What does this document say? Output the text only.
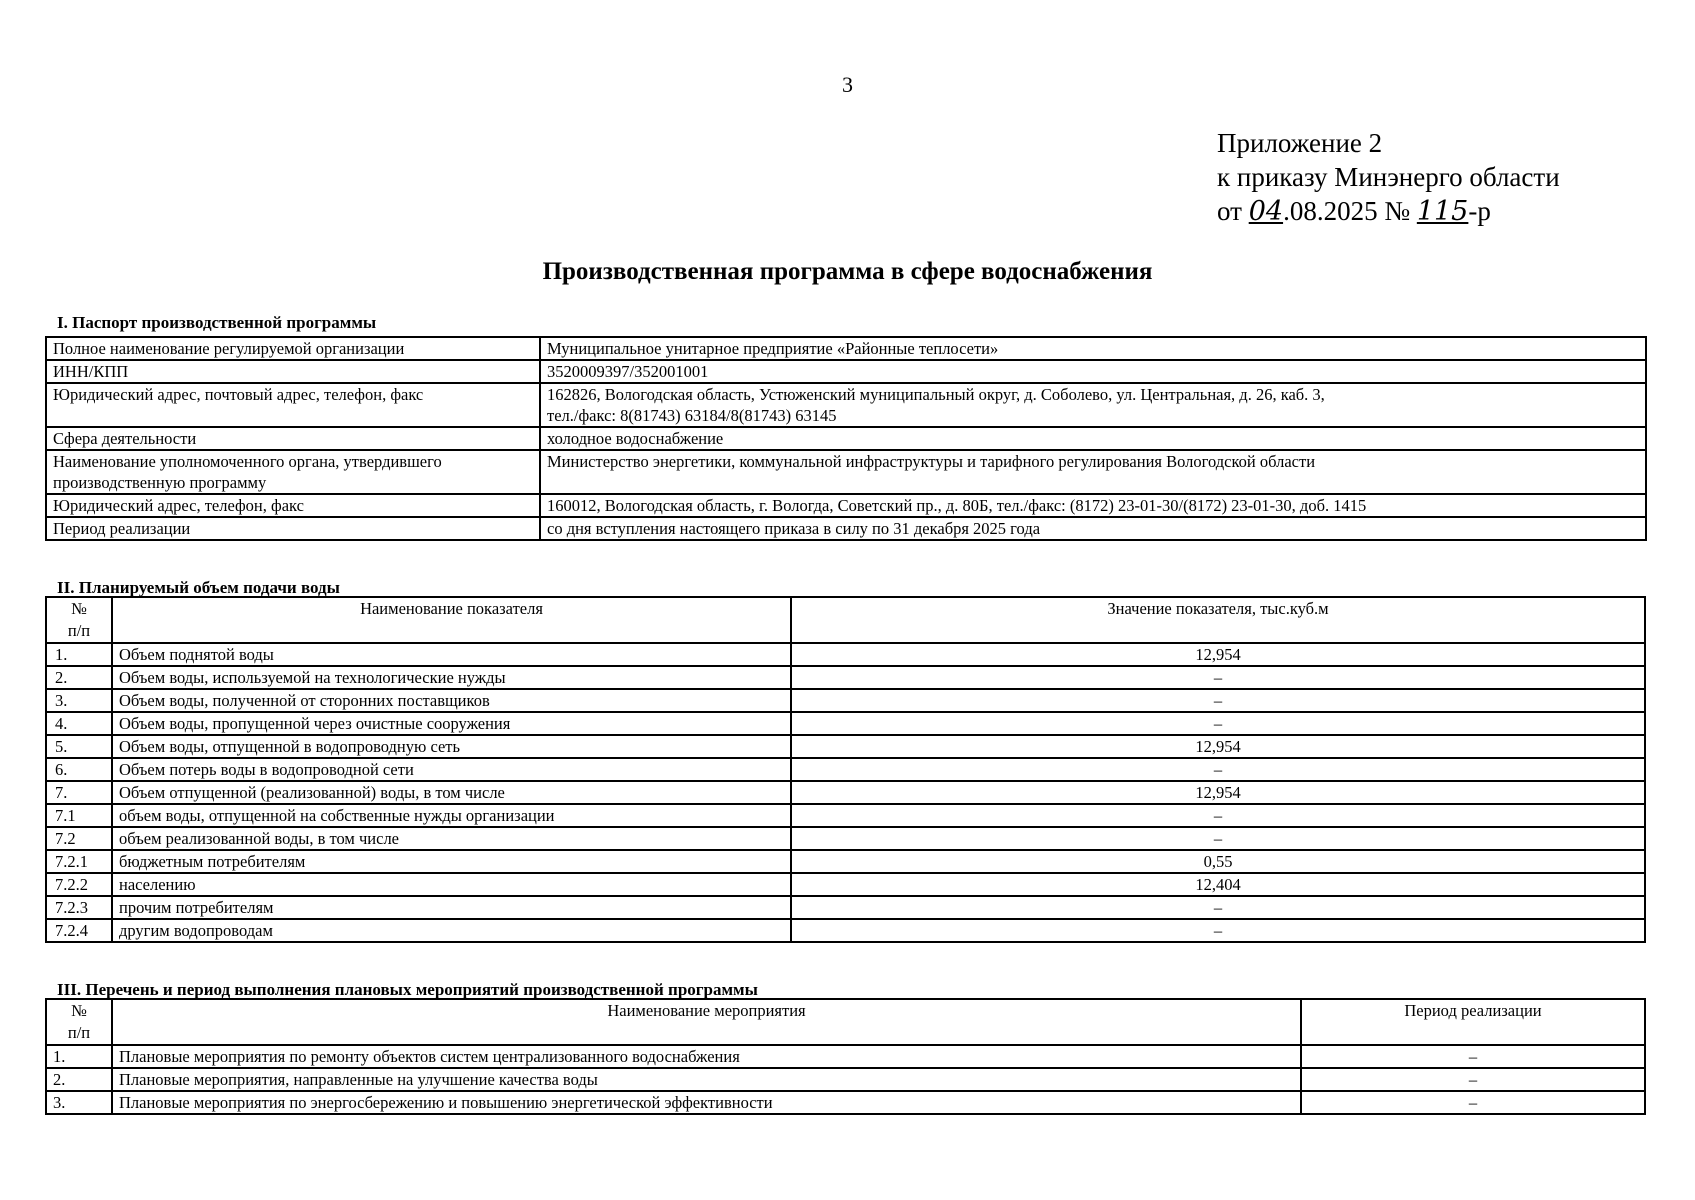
3
Приложение 2
к приказу Минэнерго области
от 04.08.2025 № 115-р
Производственная программа в сфере водоснабжения
I. Паспорт производственной программы
Полное наименование регулируемой организации	Муниципальное унитарное предприятие «Районные теплосети»
ИНН/КПП	3520009397/352001001
Юридический адрес, почтовый адрес, телефон, факс	162826, Вологодская область, Устюженский муниципальный округ, д. Соболево, ул. Центральная, д. 26, каб. 3,
тел./факс: 8(81743) 63184/8(81743) 63145

Сфера деятельности	холодное водоснабжение

Наименование уполномоченного органа, утвердившего
производственную программу	Министерство энергетики, коммунальной инфраструктуры и тарифного регулирования Вологодской области
Юридический адрес, телефон, факс	160012, Вологодская область, г. Вологда, Советский пр., д. 80Б, тел./факс: (8172) 23-01-30/(8172) 23-01-30, доб. 1415
Период реализации	со дня вступления настоящего приказа в силу по 31 декабря 2025 года
II. Планируемый объем подачи воды
№
п/п	Наименование показателя	Значение показателя, тыс.куб.м
1.	Объем поднятой воды	12,954
2.	Объем воды, используемой на технологические нужды	–
3.	Объем воды, полученной от сторонних поставщиков	–
4.	Объем воды, пропущенной через очистные сооружения	–
5.	Объем воды, отпущенной в водопроводную сеть	12,954
6.	Объем потерь воды в водопроводной сети	–
7.	Объем отпущенной (реализованной) воды, в том числе	12,954
7.1	объем воды, отпущенной на собственные нужды организации	–
7.2	объем реализованной воды, в том числе	–
7.2.1	бюджетным потребителям	0,55
7.2.2	населению	12,404
7.2.3	прочим потребителям	–
7.2.4	другим водопроводам	–
III. Перечень и период выполнения плановых мероприятий производственной программы
№
п/п	Наименование мероприятия	Период реализации
1.	Плановые мероприятия по ремонту объектов систем централизованного водоснабжения	–
2.	Плановые мероприятия, направленные на улучшение качества воды	–
3.	Плановые мероприятия по энергосбережению и повышению энергетической эффективности	–
